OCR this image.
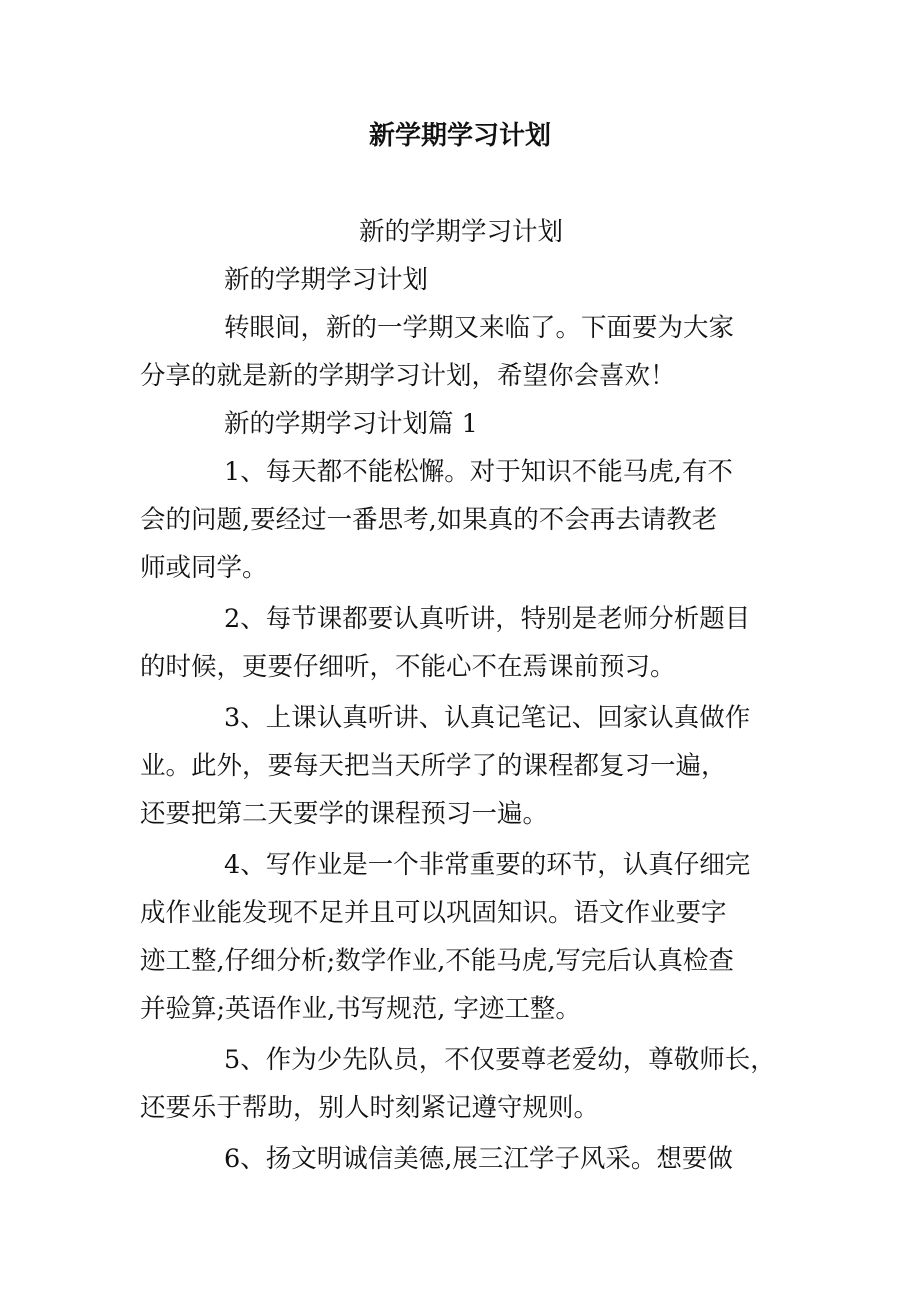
新学期学习计划
新的学期学习计划
新的学期学习计划
转眼间，新的一学期又来临了。下面要为大家
分享的就是新的学期学习计划，希望你会喜欢！
新的学期学习计划篇 1
1、每天都不能松懈。对于知识不能马虎,有不
会的问题,要经过一番思考,如果真的不会再去请教老
师或同学。
2、每节课都要认真听讲，特别是老师分析题目
的时候，更要仔细听，不能心不在焉课前预习。
3、上课认真听讲、认真记笔记、回家认真做作
业。此外，要每天把当天所学了的课程都复习一遍，
还要把第二天要学的课程预习一遍。
4、写作业是一个非常重要的环节，认真仔细完
成作业能发现不足并且可以巩固知识。语文作业要字
迹工整,仔细分析;数学作业,不能马虎,写完后认真检查
并验算;英语作业,书写规范, 字迹工整。
5、作为少先队员，不仅要尊老爱幼，尊敬师长，
还要乐于帮助，别人时刻紧记遵守规则。
6、扬文明诚信美德,展三江学子风采。想要做
